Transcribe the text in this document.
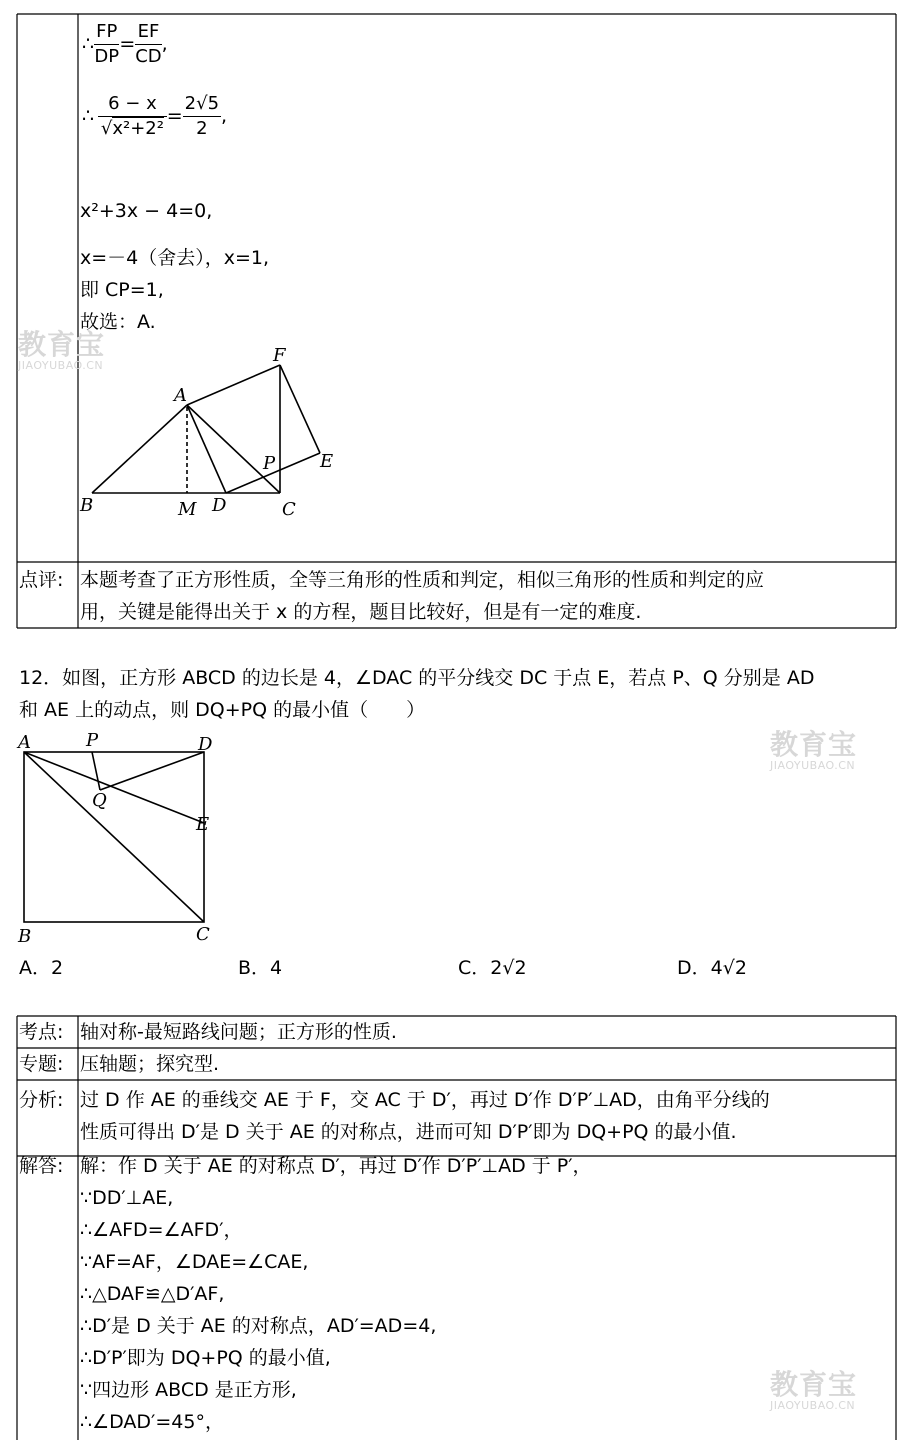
∴ $\frac{FP}{DP} = \frac{EF}{CD}$ ,
∴ $\frac{6 - x}{\text{√x²+2²}} = \frac{2√5}{2}$ ,
x²+3x − 4=0,
x=－4（舍去），x=1,
即 CP=1,
故选：A.
A
F
P E
B	M D	C
点评: 本题考查了正方形性质，全等三角形的性质和判定，相似三角形的性质和判定的应
用，关键是能得出关于 x 的方程，题目比较好，但是有一定的难度.
12．如图，正方形 ABCD 的边长是 4，∠DAC 的平分线交 DC 于点 E，若点 P、Q 分别是 AD
和 AE 上的动点，则 DQ+PQ 的最小值（　　）
A	P	D
Q
E
B	C
A．2	B．4	C．2√2	D．4√2
考点: 轴对称-最短路线问题；正方形的性质.
专题: 压轴题；探究型.
分析: 过 D 作 AE 的垂线交 AE 于 F，交 AC 于 D′，再过 D′作 D′P′⊥AD，由角平分线的
性质可得出 D′是 D 关于 AE 的对称点，进而可知 D′P′即为 DQ+PQ 的最小值.
解答: 解：作 D 关于 AE 的对称点 D′，再过 D′作 D′P′⊥AD 于 P′，
∵DD′⊥AE,
∴∠AFD=∠AFD′，
∵AF=AF，∠DAE=∠CAE,
∴△DAF≌△D′AF,
∴D′是 D 关于 AE 的对称点，AD′=AD=4,
∴D′P′即为 DQ+PQ 的最小值,
∵四边形 ABCD 是正方形,
∴∠DAD′=45°，
教育宝
JIAOYUBAO.CN
教育宝
JIAOYUBAO.CN
教育宝
JIAOYUBAO.CN
